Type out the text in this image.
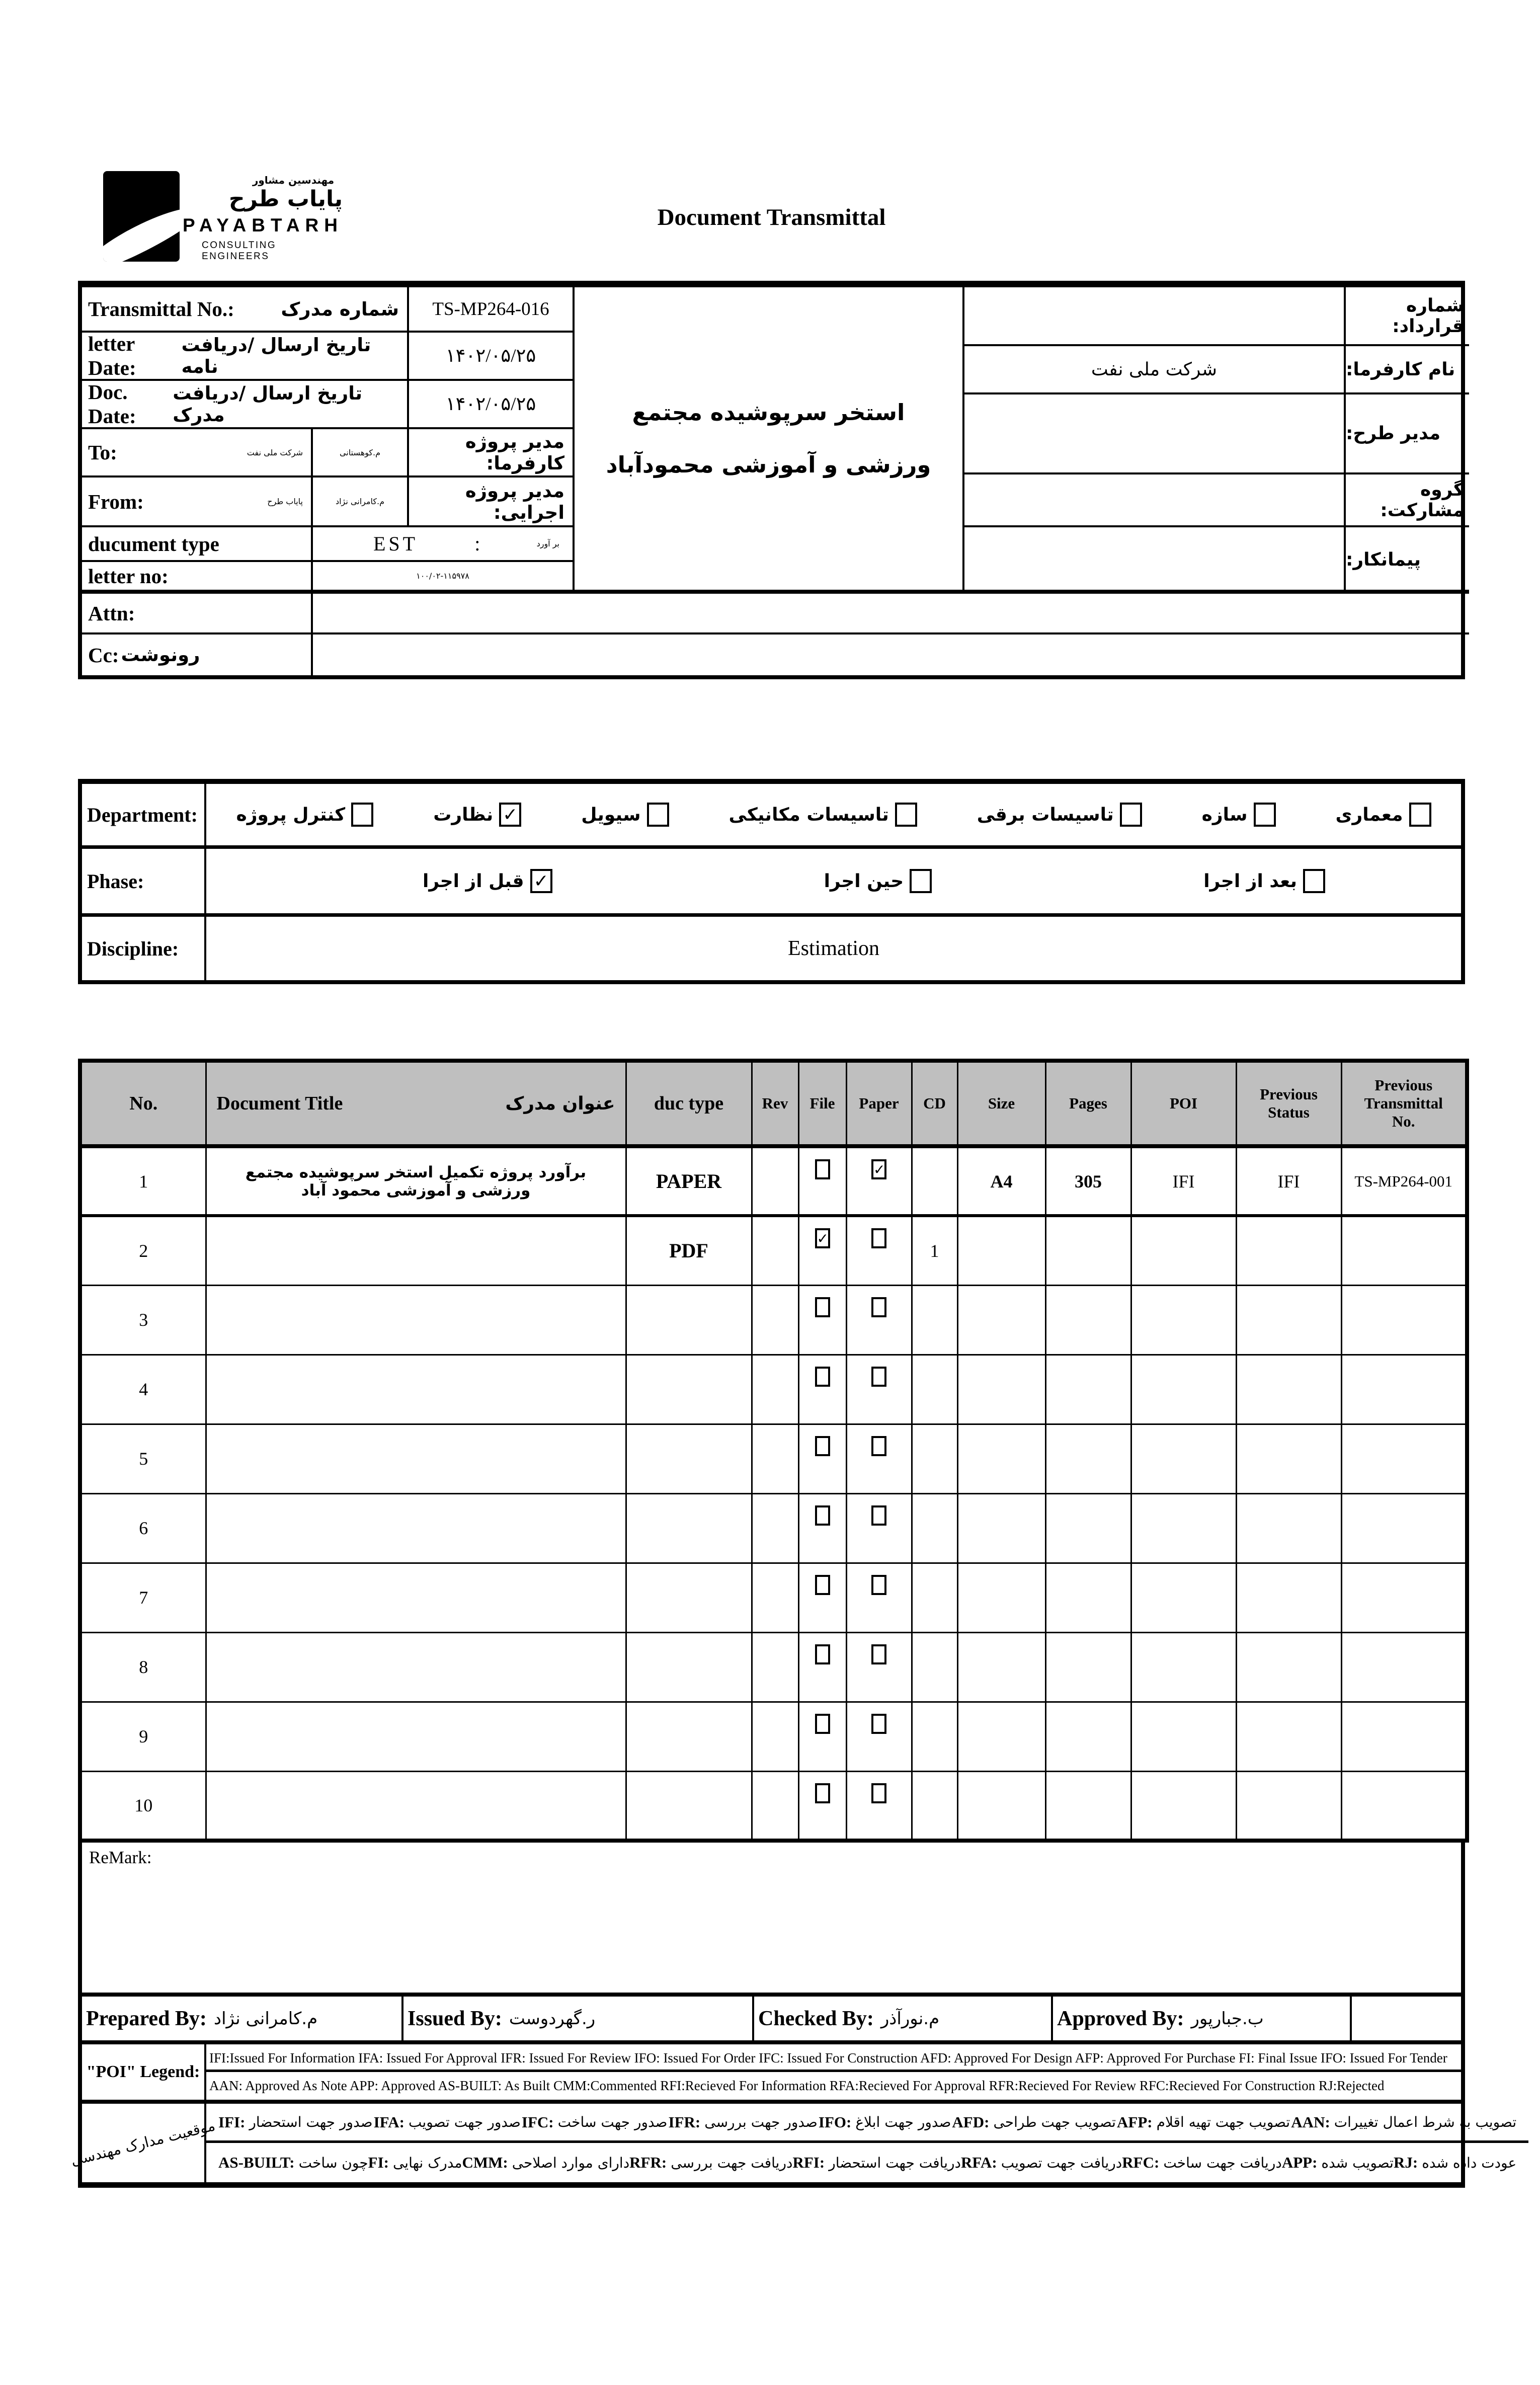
مهندسین مشاور
پایاب طرح
PAYABTARH
CONSULTING ENGINEERS
Document Transmittal
Transmittal No.:	شماره مدرک	TS-MP264-016
letter Date:
تاریخ ارسال /دریافت نامه	۱۴۰۲/۰۵/۲۵
Doc. Date:
تاریخ ارسال /دریافت مدرک	۱۴۰۲/۰۵/۲۵
To:	شرکت ملی نفت	م.کوهستانی	مدیر پروژه کارفرما:
From:	پایاب طرح	م.کامرانی نژاد	مدیر پروژه اجرایی:
ducument type	EST	:	بر آورد
letter no:	۱۰۰/۰۲-۱۱۵۹۷۸
Attn:
Cc: رونوشت
استخر سرپوشیده مجتمع ورزشی و آموزشی محمودآباد
شماره قرارداد:
شرکت ملی نفت	نام کارفرما:
مدیر طرح:
گروه مشارکت:
پیمانکار:
Department:	کنترل پروژه	نظارت ✓	سیویل	تاسیسات مکانیکی	تاسیسات برقی	سازه	معماری
Phase:	قبل از اجرا ✓	حین اجرا	بعد از اجرا
Discipline:	Estimation
No.	Document Title عنوان مدرک	duc type	Rev	File	Paper	CD	Size	Pages	POI	Previous Status	Previous Transmittal No.
1	برآورد پروژه تکمیل استخر سرپوشیده مجتمع ورزشی و آموزشی محمود آباد	PAPER			✓		A4	305	IFI	IFI	TS-MP264-001
2		PDF		✓		1					
3											
4											
5											
6											
7											
8											
9											
10											
ReMark:
Prepared By: م.کامرانی نژاد	Issued By: ر.گهردوست	Checked By: م.نورآذر	Approved By: ب.جبارپور
"POI" Legend:
IFI:Issued For Information IFA: Issued For Approval IFR: Issued For Review IFO: Issued For Order IFC: Issued For Construction AFD: Approved For Design AFP: Approved For Purchase FI: Final Issue IFO: Issued For Tender
AAN: Approved As Note APP: Approved AS-BUILT: As Built CMM:Commented RFI:Recieved For Information RFA:Recieved For Approval RFR:Recieved For Review RFC:Recieved For Construction RJ:Rejected
موقعیت مدارک مهندسی IFI: صدور جهت استحضار IFA: صدور جهت تصویب IFC: صدور جهت ساخت IFR: صدور جهت بررسی IFO: صدور جهت ابلاغ AFD: تصویب جهت طراحی AFP: تصویب جهت تهیه اقلام AAN: تصویب به شرط اعمال تغییرات
AS-BUILT: چون ساخت FI: مدرک نهایی CMM: دارای موارد اصلاحی RFR: دریافت جهت بررسی RFI: دریافت جهت استحضار RFA: دریافت جهت تصویب RFC: دریافت جهت ساخت APP: تصویب شده RJ: عودت داده شده
